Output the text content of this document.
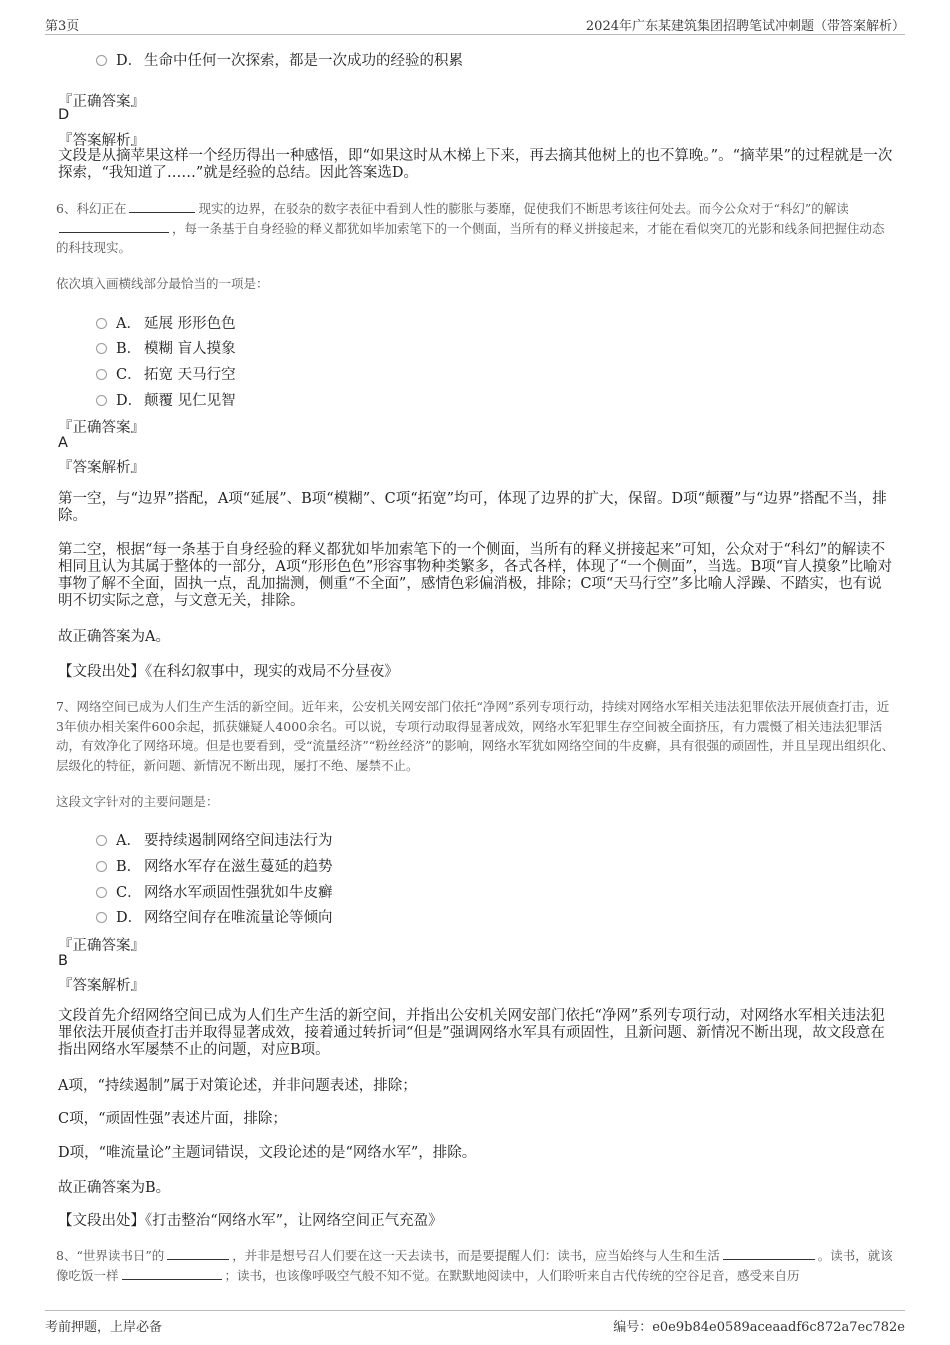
第3页	2024年广东某建筑集团招聘笔试冲刺题（带答案解析）
D． 生命中任何一次探索，都是一次成功的经验的积累
『正确答案』
D
『答案解析』
文段是从摘苹果这样一个经历得出一种感悟，即“如果这时从木梯上下来，再去摘其他树上的也不算晚。”。“摘苹果”的过程就是一次探索，“我知道了……”就是经验的总结。因此答案选D。
6、科幻正在	现实的边界，在驳杂的数字表征中看到人性的膨胀与萎靡，促使我们不断思考该往何处去。而今公众对于“科幻”的解读，每一条基于自身经验的释义都犹如毕加索笔下的一个侧面，当所有的释义拼接起来，才能在看似突兀的光影和线条间把握住动态的科技现实。
依次填入画横线部分最恰当的一项是：
A． 延展 形形色色
B． 模糊 盲人摸象
C． 拓宽 天马行空
D． 颠覆 见仁见智
『正确答案』
A
『答案解析』
第一空，与“边界”搭配，A项“延展”、B项“模糊”、C项“拓宽”均可，体现了边界的扩大，保留。D项“颠覆”与“边界”搭配不当，排除。
第二空，根据“每一条基于自身经验的释义都犹如毕加索笔下的一个侧面，当所有的释义拼接起来”可知，公众对于“科幻”的解读不相同且认为其属于整体的一部分，A项“形形色色”形容事物种类繁多，各式各样，体现了“一个侧面”，当选。B项“盲人摸象”比喻对事物了解不全面，固执一点，乱加揣测，侧重“不全面”，感情色彩偏消极，排除；C项“天马行空”多比喻人浮躁、不踏实，也有说明不切实际之意，与文意无关，排除。
故正确答案为A。
【文段出处】《在科幻叙事中，现实的戏局不分昼夜》
7、网络空间已成为人们生产生活的新空间。近年来，公安机关网安部门依托“净网”系列专项行动，持续对网络水军相关违法犯罪依法开展侦查打击，近3年侦办相关案件600余起，抓获嫌疑人4000余名。可以说，专项行动取得显著成效，网络水军犯罪生存空间被全面挤压，有力震慑了相关违法犯罪活动，有效净化了网络环境。但是也要看到，受“流量经济”“粉丝经济”的影响，网络水军犹如网络空间的牛皮癣，具有很强的顽固性，并且呈现出组织化、层级化的特征，新问题、新情况不断出现，屡打不绝、屡禁不止。
这段文字针对的主要问题是：
A． 要持续遏制网络空间违法行为
B． 网络水军存在滋生蔓延的趋势
C． 网络水军顽固性强犹如牛皮癣
D． 网络空间存在唯流量论等倾向
『正确答案』
B
『答案解析』
文段首先介绍网络空间已成为人们生产生活的新空间，并指出公安机关网安部门依托“净网”系列专项行动，对网络水军相关违法犯罪依法开展侦查打击并取得显著成效，接着通过转折词“但是”强调网络水军具有顽固性，且新问题、新情况不断出现，故文段意在指出网络水军屡禁不止的问题，对应B项。
A项，“持续遏制”属于对策论述，并非问题表述，排除；
C项，“顽固性强”表述片面，排除；
D项，“唯流量论”主题词错误，文段论述的是“网络水军”，排除。
故正确答案为B。
【文段出处】《打击整治“网络水军”，让网络空间正气充盈》
8、“世界读书日”的	，并非是想号召人们要在这一天去读书，而是要提醒人们：读书，应当始终与人生和生活	。读书，就该像吃饭一样	；读书，也该像呼吸空气般不知不觉。在默默地阅读中，人们聆听来自古代传统的空谷足音，感受来自历
考前押题，上岸必备	编号：e0e9b84e0589aceaadf6c872a7ec782e
